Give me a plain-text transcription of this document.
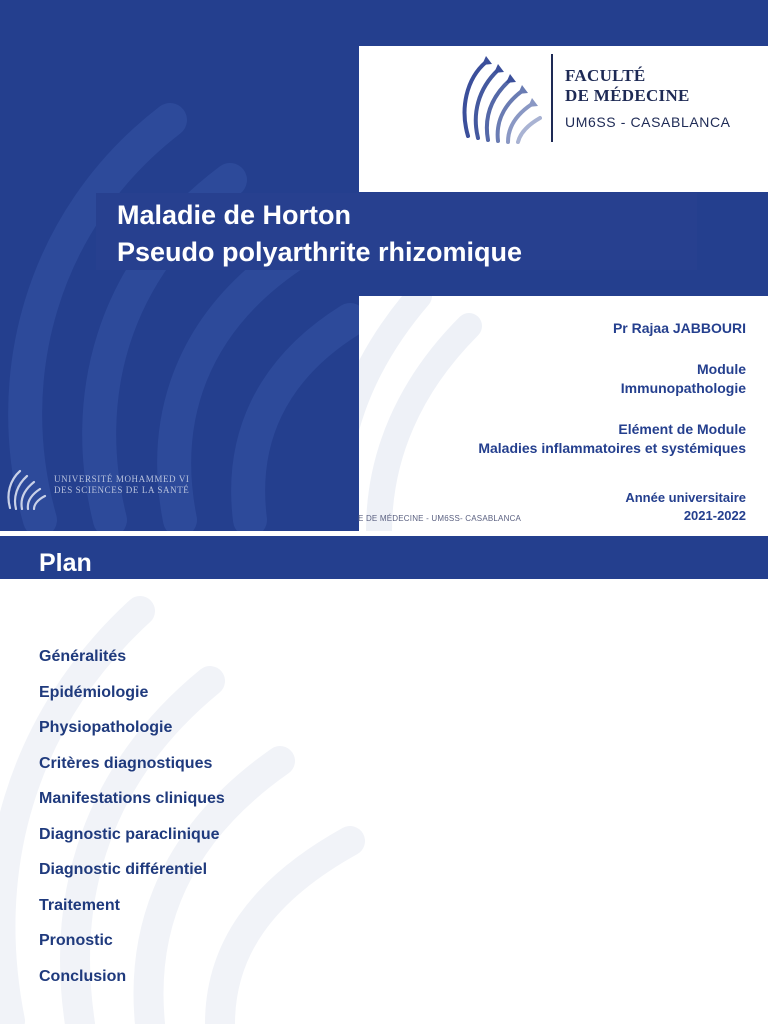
FACULTÉ
DE MÉDECINE
UM6SS - CASABLANCA
Maladie de Horton
Pseudo polyarthrite rhizomique
Pr Rajaa JABBOURI
Module
Immunopathologie
Elément de Module
Maladies inflammatoires et systémiques
Année universitaire
2021-2022
UNIVERSITÉ MOHAMMED VI
DES SCIENCES DE LA SANTÉ
E DE MÉDECINE - UM6SS- CASABLANCA
Plan
Généralités
Epidémiologie
Physiopathologie
Critères diagnostiques
Manifestations cliniques
Diagnostic paraclinique
Diagnostic différentiel
Traitement
Pronostic
Conclusion
